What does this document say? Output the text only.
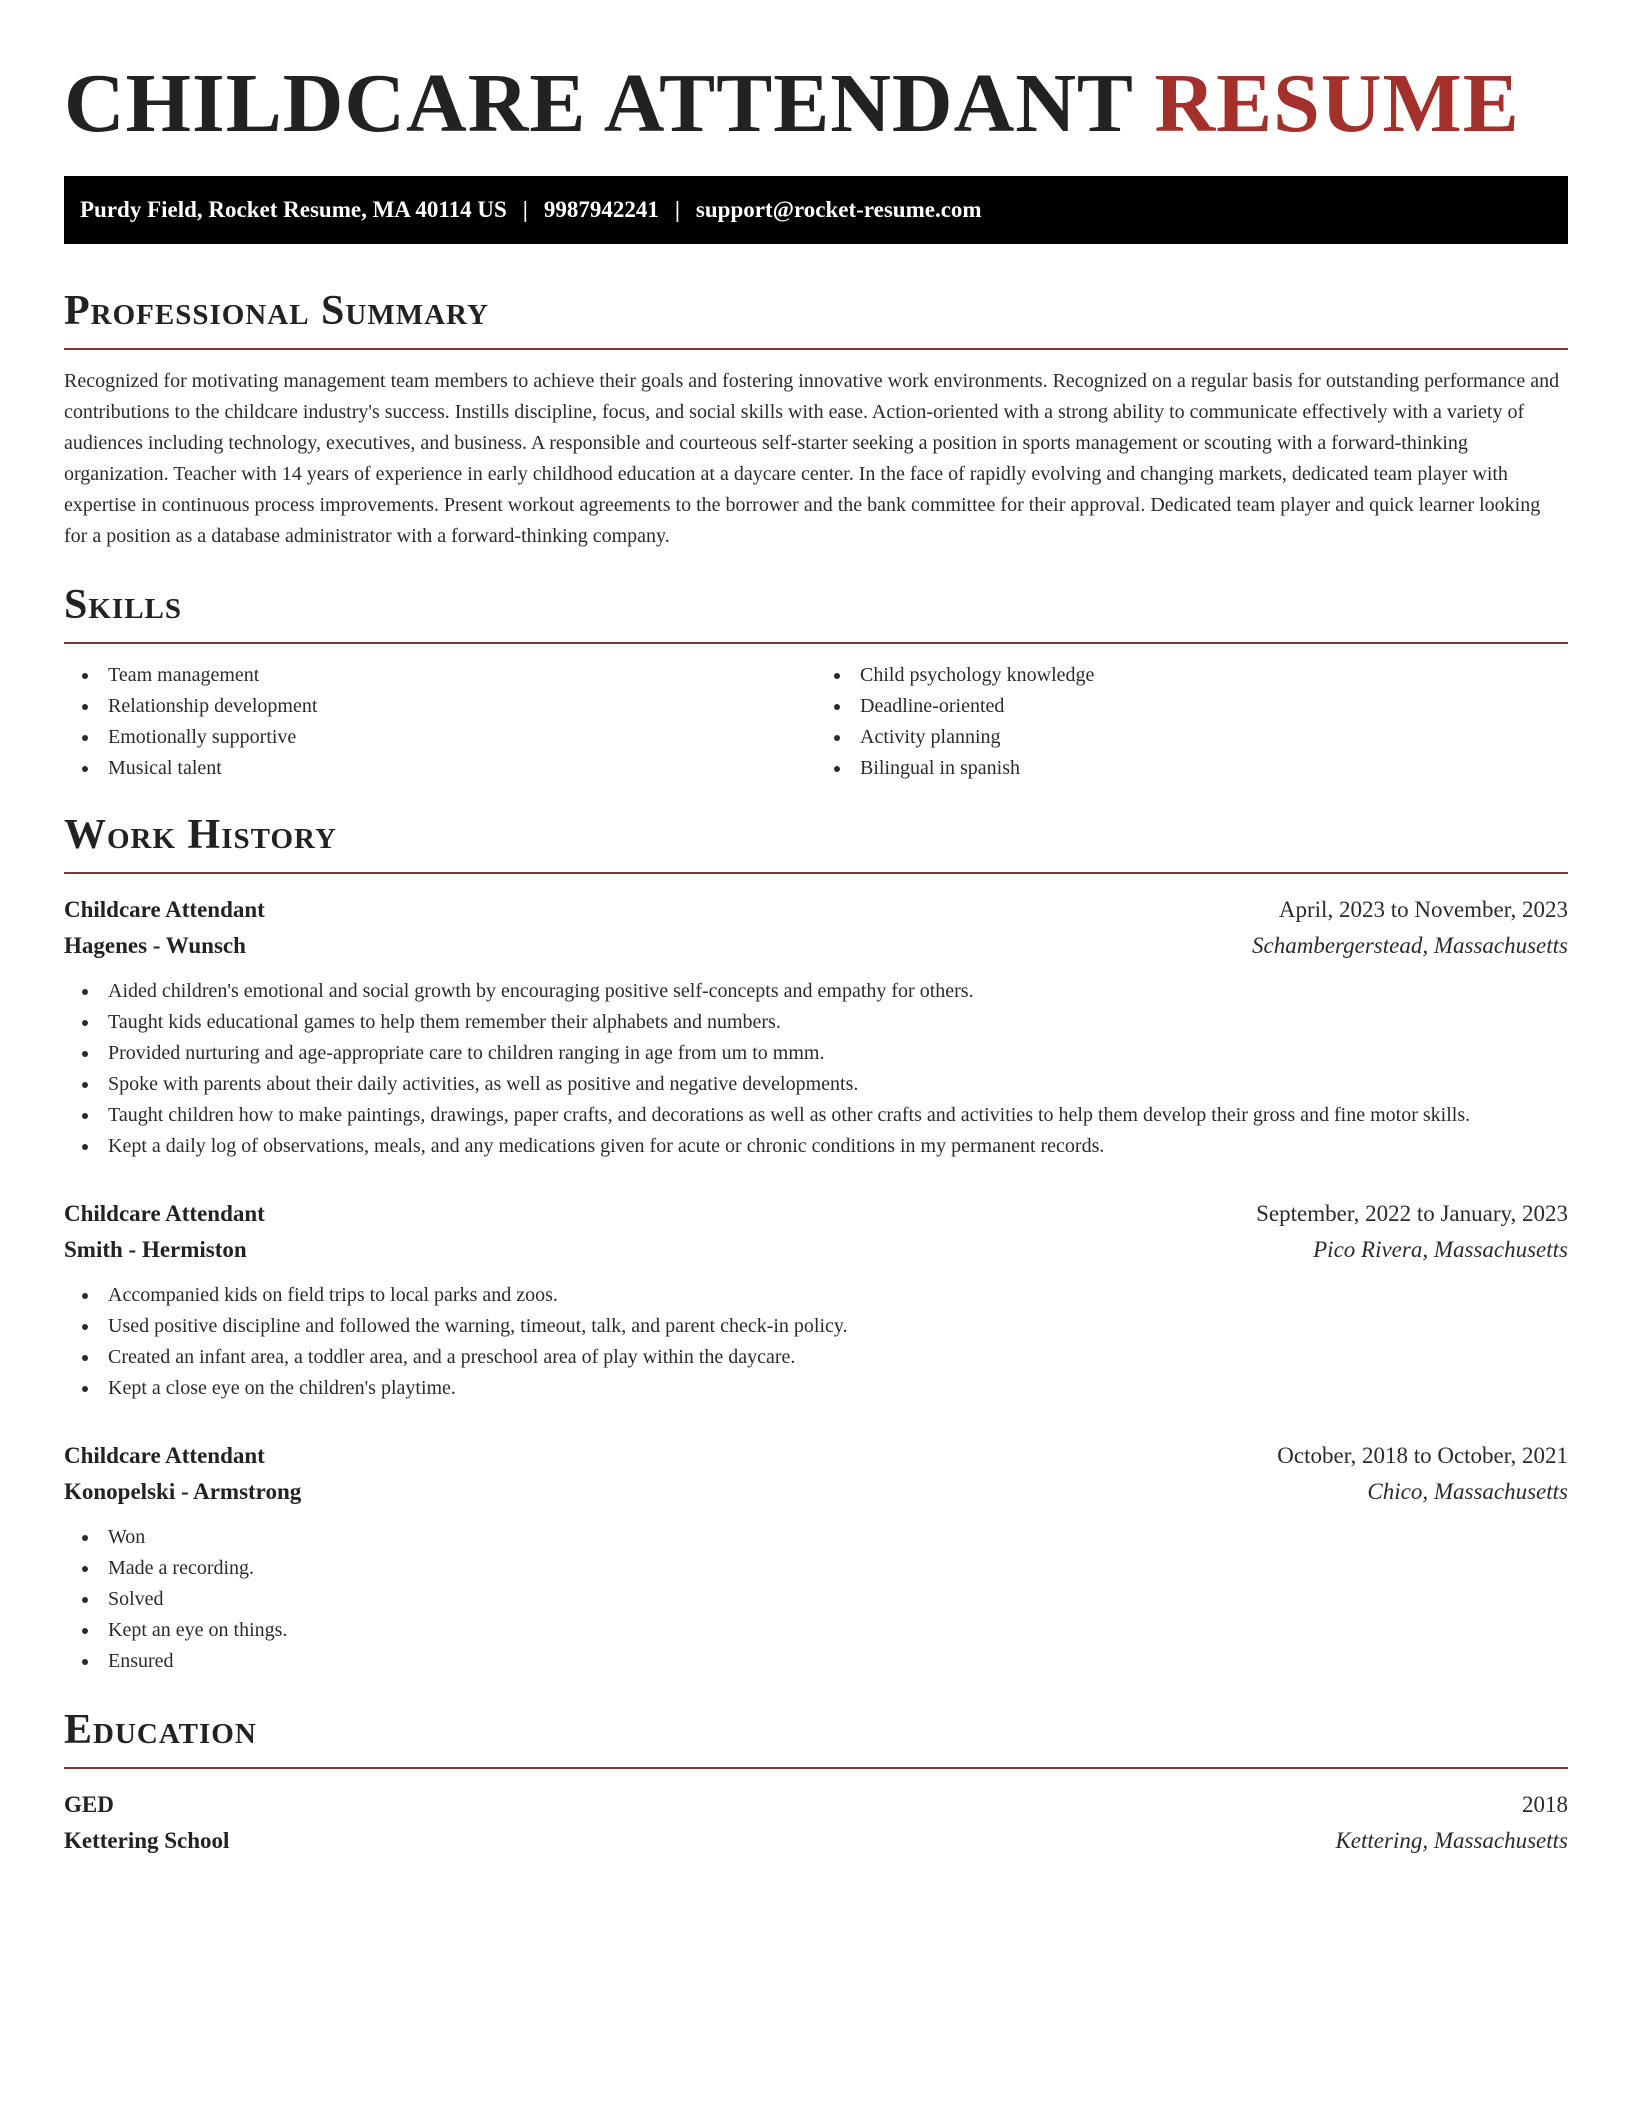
CHILDCARE ATTENDANT RESUME
Purdy Field, Rocket Resume, MA 40114 US | 9987942241 | support@rocket-resume.com
Professional Summary

Recognized for motivating management team members to achieve their goals and fostering innovative work environments. Recognized on a regular basis for outstanding performance and contributions to the childcare industry's success. Instills discipline, focus, and social skills with ease. Action-oriented with a strong ability to communicate effectively with a variety of audiences including technology, executives, and business. A responsible and courteous self-starter seeking a position in sports management or scouting with a forward-thinking organization. Teacher with 14 years of experience in early childhood education at a daycare center. In the face of rapidly evolving and changing markets, dedicated team player with expertise in continuous process improvements. Present workout agreements to the borrower and the bank committee for their approval. Dedicated team player and quick learner looking for a position as a database administrator with a forward-thinking company.

Skills
Team management
Relationship development
Emotionally supportive
Musical talent
Child psychology knowledge
Deadline-oriented
Activity planning
Bilingual in spanish
Work History
Childcare Attendant	April, 2023 to November, 2023
Hagenes - Wunsch	Schambergerstead, Massachusetts
Aided children's emotional and social growth by encouraging positive self-concepts and empathy for others.
Taught kids educational games to help them remember their alphabets and numbers.
Provided nurturing and age-appropriate care to children ranging in age from um to mmm.
Spoke with parents about their daily activities, as well as positive and negative developments.
Taught children how to make paintings, drawings, paper crafts, and decorations as well as other crafts and activities to help them develop their gross and fine motor skills.
Kept a daily log of observations, meals, and any medications given for acute or chronic conditions in my permanent records.
Childcare Attendant	September, 2022 to January, 2023
Smith - Hermiston	Pico Rivera, Massachusetts
Accompanied kids on field trips to local parks and zoos.
Used positive discipline and followed the warning, timeout, talk, and parent check-in policy.
Created an infant area, a toddler area, and a preschool area of play within the daycare.
Kept a close eye on the children's playtime.
Childcare Attendant	October, 2018 to October, 2021
Konopelski - Armstrong	Chico, Massachusetts
Won
Made a recording.
Solved
Kept an eye on things.
Ensured
Education
GED	2018
Kettering School	Kettering, Massachusetts
